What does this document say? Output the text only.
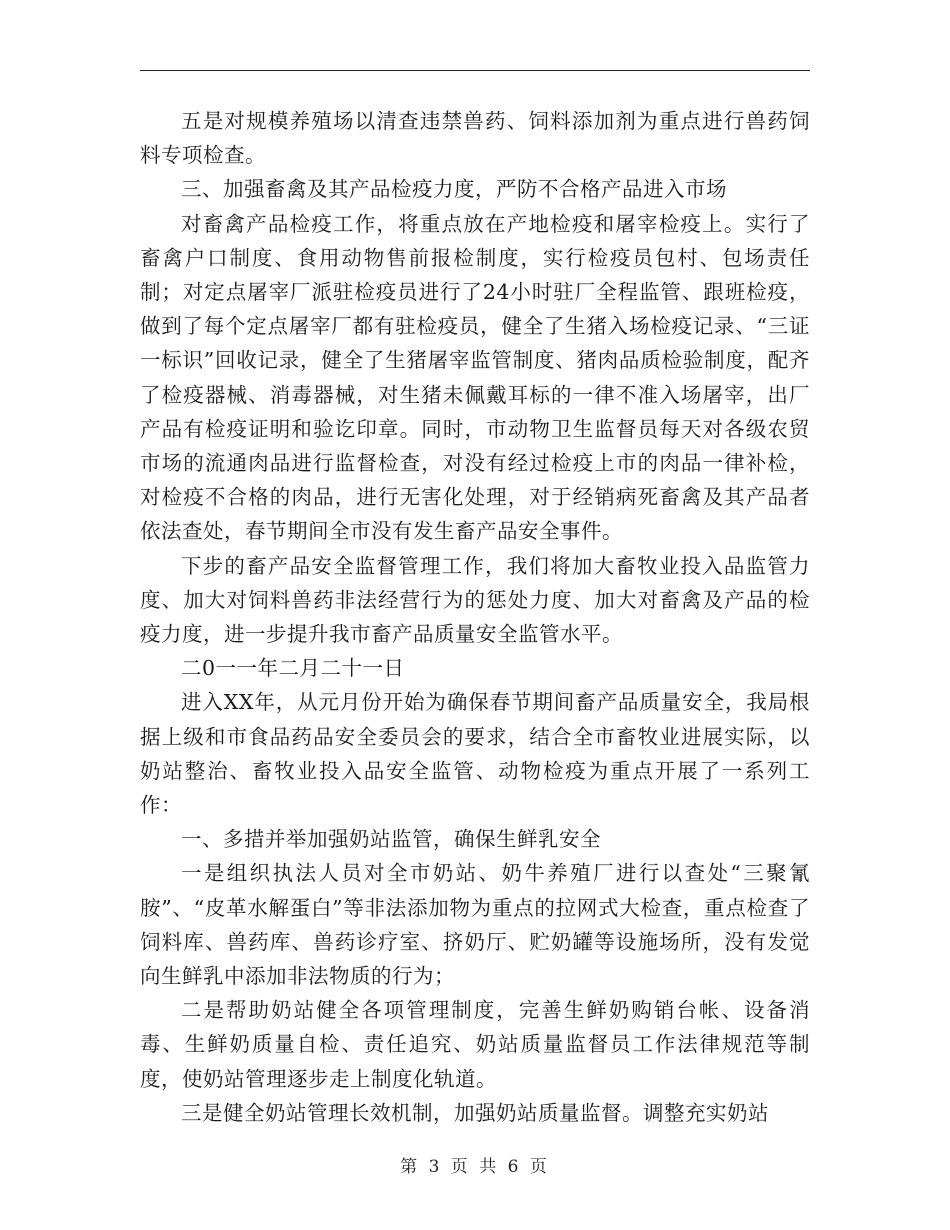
五是对规模养殖场以清查违禁兽药、饲料添加剂为重点进行兽药饲料专项检查。

三、加强畜禽及其产品检疫力度，严防不合格产品进入市场

对畜禽产品检疫工作，将重点放在产地检疫和屠宰检疫上。实行了畜禽户口制度、食用动物售前报检制度，实行检疫员包村、包场责任制；对定点屠宰厂派驻检疫员进行了24小时驻厂全程监管、跟班检疫，做到了每个定点屠宰厂都有驻检疫员，健全了生猪入场检疫记录、“三证一标识”回收记录，健全了生猪屠宰监管制度、猪肉品质检验制度，配齐了检疫器械、消毒器械，对生猪未佩戴耳标的一律不准入场屠宰，出厂产品有检疫证明和验讫印章。同时，市动物卫生监督员每天对各级农贸市场的流通肉品进行监督检查，对没有经过检疫上市的肉品一律补检，对检疫不合格的肉品，进行无害化处理，对于经销病死畜禽及其产品者依法查处，春节期间全市没有发生畜产品安全事件。

下步的畜产品安全监督管理工作，我们将加大畜牧业投入品监管力度、加大对饲料兽药非法经营行为的惩处力度、加大对畜禽及产品的检疫力度，进一步提升我市畜产品质量安全监管水平。

二0一一年二月二十一日

进入XX年，从元月份开始为确保春节期间畜产品质量安全，我局根据上级和市食品药品安全委员会的要求，结合全市畜牧业进展实际，以奶站整治、畜牧业投入品安全监管、动物检疫为重点开展了一系列工作：

一、多措并举加强奶站监管，确保生鲜乳安全

一是组织执法人员对全市奶站、奶牛养殖厂进行以查处“三聚氰胺”、“皮革水解蛋白”等非法添加物为重点的拉网式大检查，重点检查了饲料库、兽药库、兽药诊疗室、挤奶厅、贮奶罐等设施场所，没有发觉向生鲜乳中添加非法物质的行为；

二是帮助奶站健全各项管理制度，完善生鲜奶购销台帐、设备消毒、生鲜奶质量自检、责任追究、奶站质量监督员工作法律规范等制度，使奶站管理逐步走上制度化轨道。

三是健全奶站管理长效机制，加强奶站质量监督。调整充实奶站

第 3 页 共 6 页
